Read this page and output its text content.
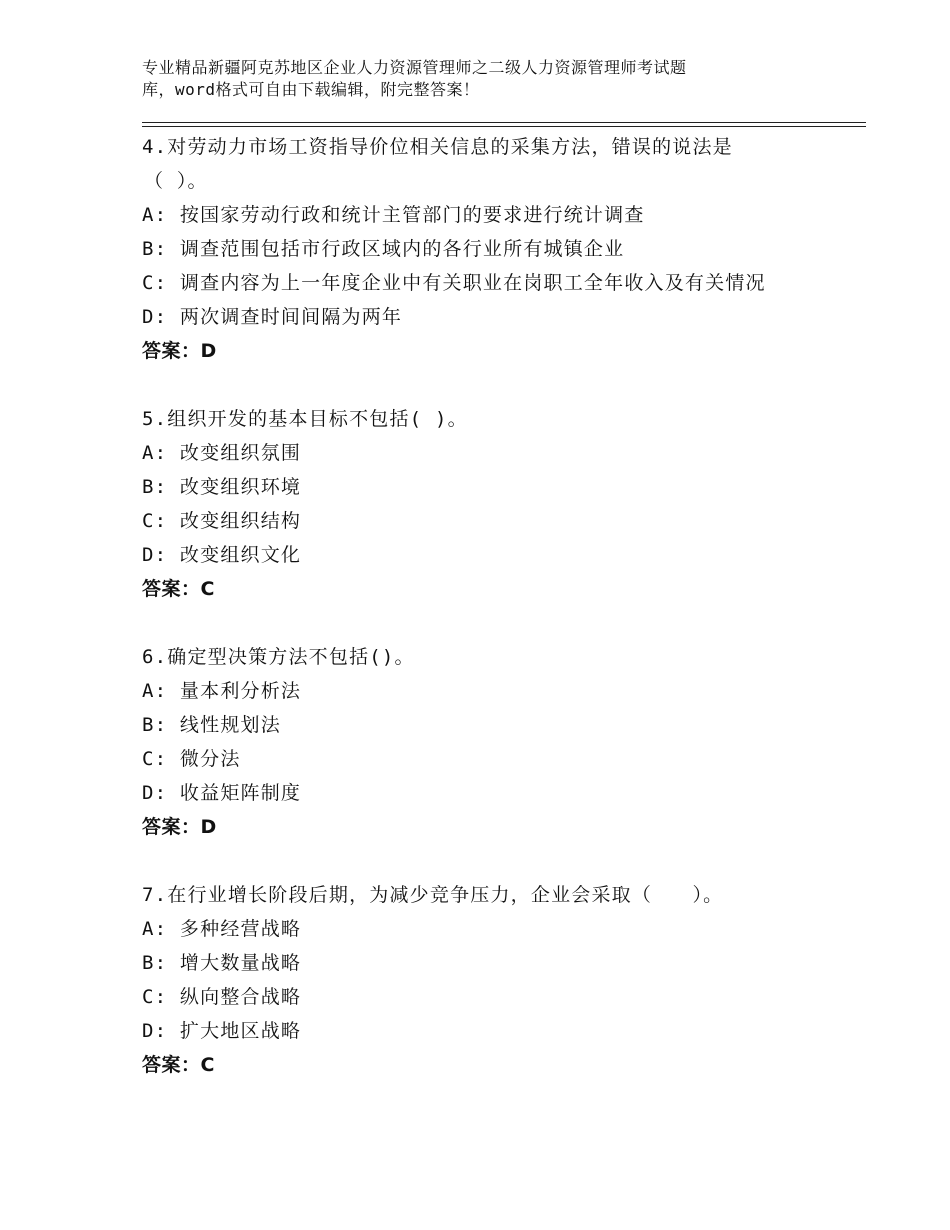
专业精品新疆阿克苏地区企业人力资源管理师之二级人力资源管理师考试题
库，word格式可自由下载编辑，附完整答案！
4.对劳动力市场工资指导价位相关信息的采集方法，错误的说法是
（ ）。
A: 按国家劳动行政和统计主管部门的要求进行统计调查
B: 调查范围包括市行政区域内的各行业所有城镇企业
C: 调查内容为上一年度企业中有关职业在岗职工全年收入及有关情况
D: 两次调查时间间隔为两年
答案：D
5.组织开发的基本目标不包括( )。
A: 改变组织氛围
B: 改变组织环境
C: 改变组织结构
D: 改变组织文化
答案：C
6.确定型决策方法不包括()。
A: 量本利分析法
B: 线性规划法
C: 微分法
D: 收益矩阵制度
答案：D
7.在行业增长阶段后期，为减少竞争压力，企业会采取（　　）。
A: 多种经营战略
B: 增大数量战略
C: 纵向整合战略
D: 扩大地区战略
答案：C
